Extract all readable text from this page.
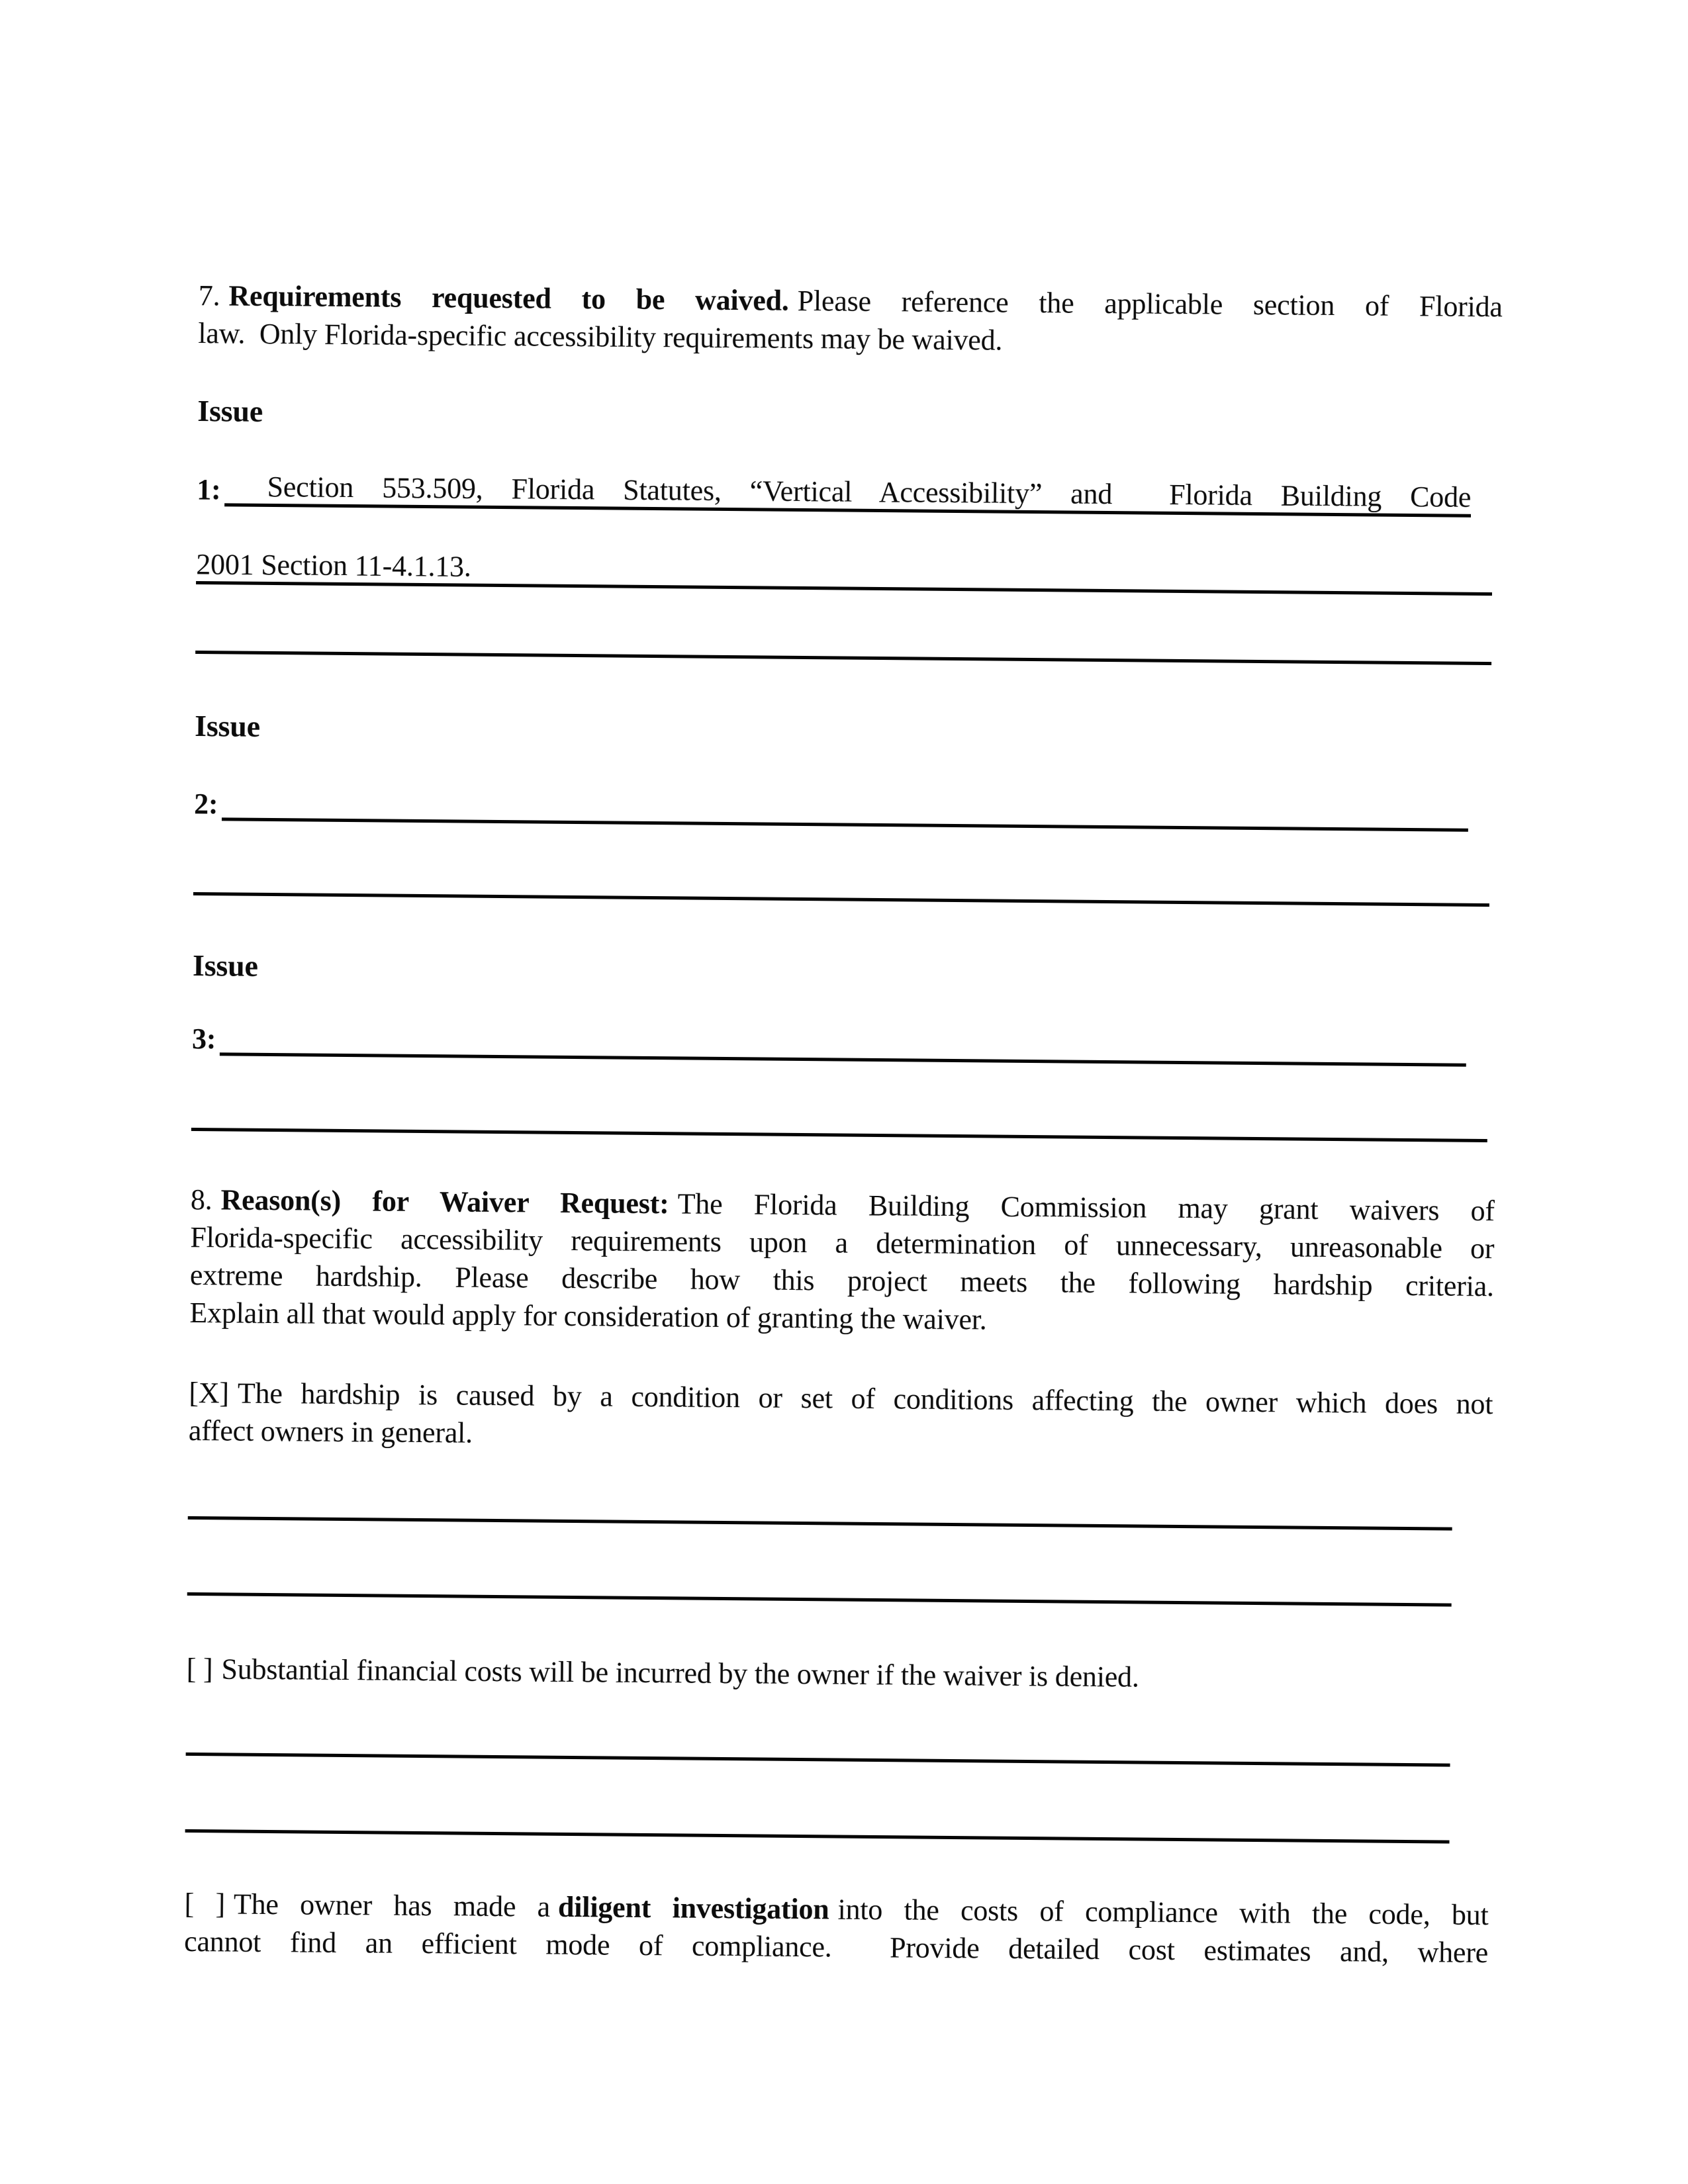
7. Requirements requested to be waived. Please reference the applicable section of Florida
law.  Only Florida-specific accessibility requirements may be waived.
Issue
1:	Section 553.509, Florida Statutes, “Vertical Accessibility” and  Florida Building Code
2001 Section 11-4.1.13.
Issue
2:
Issue
3:
8. Reason(s) for Waiver Request: The Florida Building Commission may grant waivers of
Florida-specific accessibility requirements upon a determination of unnecessary, unreasonable or
extreme hardship. Please describe how this project meets the following hardship criteria.
Explain all that would apply for consideration of granting the waiver.
[X] The hardship is caused by a condition or set of conditions affecting the owner which does not
affect owners in general.
[ ] Substantial financial costs will be incurred by the owner if the waiver is denied.
[ ] The owner has made a diligent investigation into the costs of compliance with the code, but
cannot find an efficient mode of compliance.  Provide detailed cost estimates and, where
